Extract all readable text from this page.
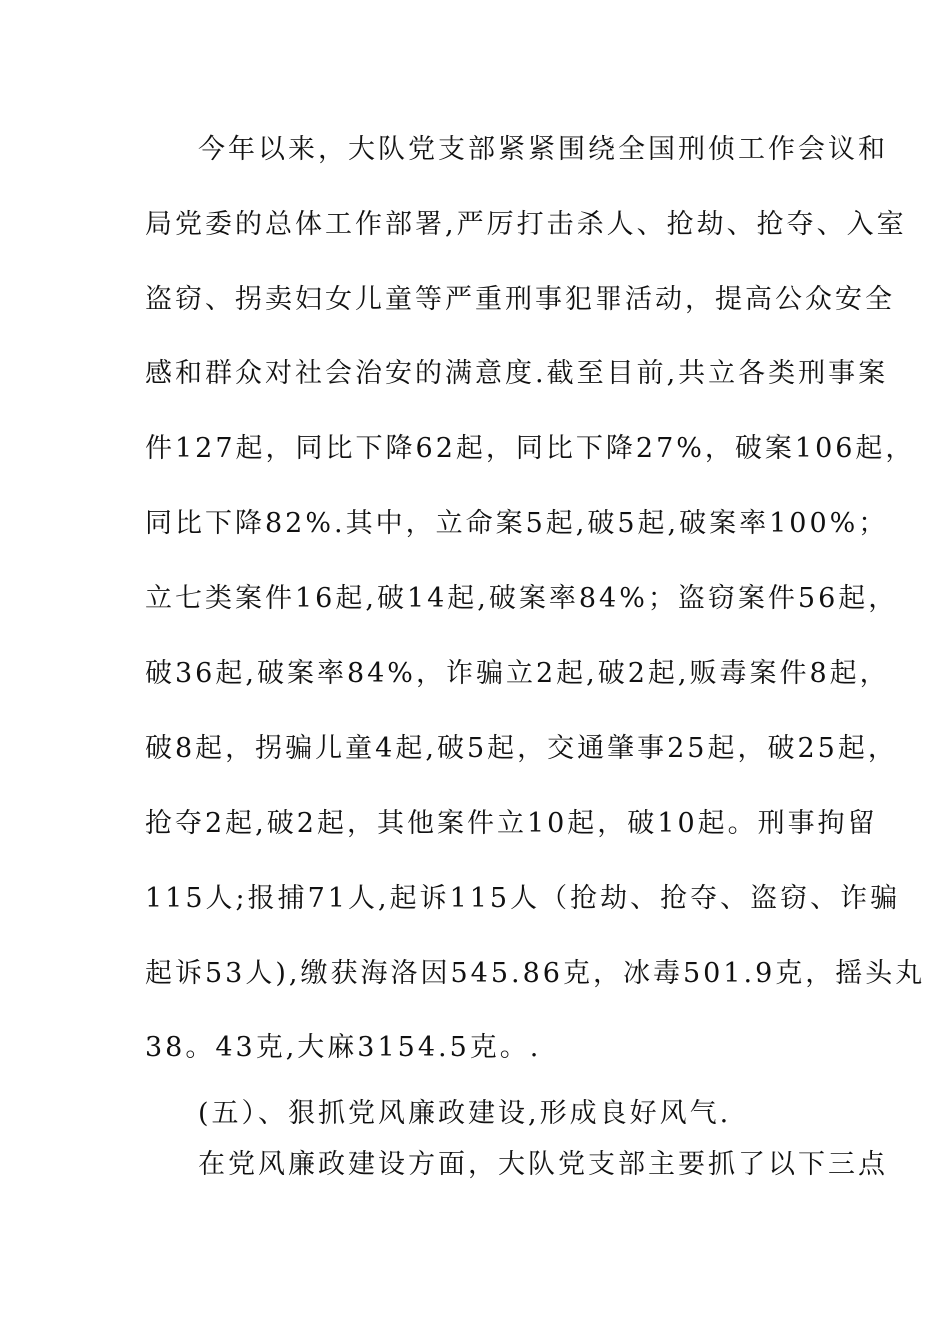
今年以来，大队党支部紧紧围绕全国刑侦工作会议和
局党委的总体工作部署,严厉打击杀人、抢劫、抢夺、入室
盗窃、拐卖妇女儿童等严重刑事犯罪活动，提高公众安全
感和群众对社会治安的满意度.截至目前,共立各类刑事案
件127起，同比下降62起，同比下降27%，破案106起，
同比下降82%.其中，立命案5起,破5起,破案率100%；
立七类案件16起,破14起,破案率84%；盗窃案件56起，
破36起,破案率84%，诈骗立2起,破2起,贩毒案件8起，
破8起，拐骗儿童4起,破5起，交通肇事25起，破25起，
抢夺2起,破2起，其他案件立10起，破10起。刑事拘留
115人;报捕71人,起诉115人（抢劫、抢夺、盗窃、诈骗
起诉53人),缴获海洛因545.86克，冰毒501.9克，摇头丸
38。43克,大麻3154.5克。.
(五）、狠抓党风廉政建设,形成良好风气.
在党风廉政建设方面，大队党支部主要抓了以下三点
